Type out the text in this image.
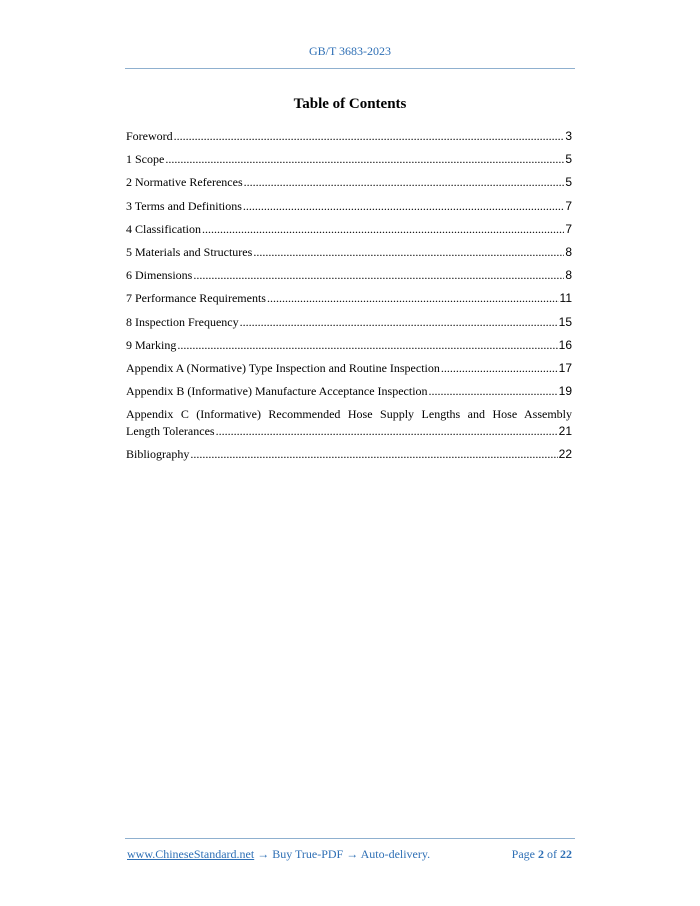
GB/T 3683-2023
Table of Contents
Foreword .....	3
1 Scope .....	5
2 Normative References .....	5
3 Terms and Definitions .....	7
4 Classification .....	7
5 Materials and Structures .....	8
6 Dimensions .....	8
7 Performance Requirements .....	11
8 Inspection Frequency .....	15
9 Marking .....	16
Appendix A (Normative) Type Inspection and Routine Inspection .....	17
Appendix B (Informative) Manufacture Acceptance Inspection .....	19
Appendix C (Informative) Recommended Hose Supply Lengths and Hose Assembly
Length Tolerances .....	21
Bibliography .....	22
www.ChineseStandard.net → Buy True-PDF → Auto-delivery.	Page 2 of 22
